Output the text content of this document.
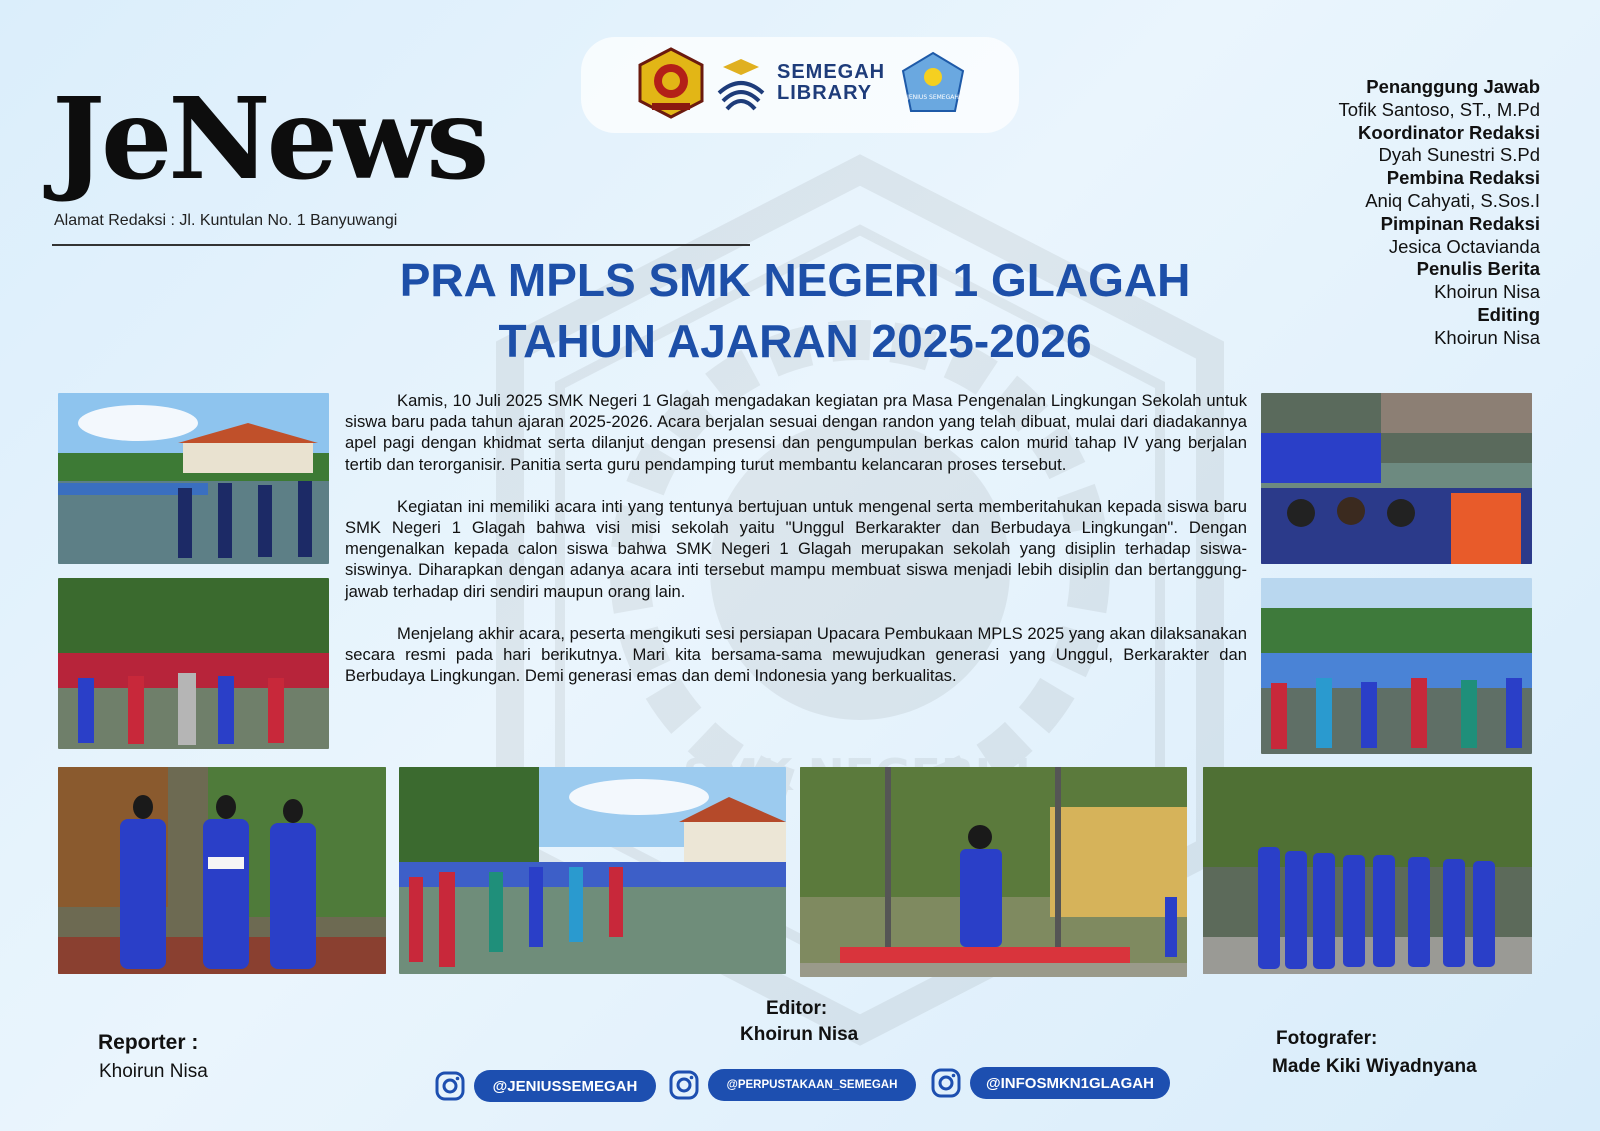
JeNews
Alamat Redaksi : Jl. Kuntulan No. 1 Banyuwangi
SEMEGAH
LIBRARY	JENIUS SEMEGAH
Penanggung Jawab
Tofik Santoso, ST., M.Pd
Koordinator Redaksi
Dyah Sunestri S.Pd
Pembina Redaksi
Aniq Cahyati, S.Sos.I
Pimpinan Redaksi
Jesica Octavianda
Penulis Berita
Khoirun Nisa
Editing
Khoirun Nisa
PRA MPLS SMK NEGERI 1 GLAGAH
TAHUN AJARAN 2025-2026

Kamis, 10 Juli 2025 SMK Negeri 1 Glagah mengadakan kegiatan pra Masa Pengenalan Lingkungan Sekolah untuk siswa baru pada tahun ajaran 2025-2026. Acara berjalan sesuai dengan randon yang telah dibuat, mulai dari diadakannya apel pagi dengan khidmat serta dilanjut dengan presensi dan pengumpulan berkas calon murid tahap IV yang berjalan tertib dan terorganisir. Panitia serta guru pendamping turut membantu kelancaran proses tersebut.

Kegiatan ini memiliki acara inti yang tentunya bertujuan untuk mengenal serta memberitahukan kepada siswa baru SMK Negeri 1 Glagah bahwa visi misi sekolah yaitu "Unggul Berkarakter dan Berbudaya Lingkungan". Dengan mengenalkan kepada calon siswa bahwa SMK Negeri 1 Glagah merupakan sekolah yang disiplin terhadap siswa-siswinya. Diharapkan dengan adanya acara inti tersebut mampu membuat siswa menjadi lebih disiplin dan bertanggung-jawab terhadap diri sendiri maupun orang lain.

Menjelang akhir acara, peserta mengikuti sesi persiapan Upacara Pembukaan MPLS 2025 yang akan dilaksanakan secara resmi pada hari berikutnya. Mari kita bersama-sama mewujudkan generasi yang Unggul, Berkarakter dan Berbudaya Lingkungan. Demi generasi emas dan demi Indonesia yang berkualitas.

Reporter :
Khoirun Nisa
Editor:
Khoirun Nisa	Fotografer:
Made Kiki Wiyadnyana
@JENIUSSEMEGAH	@PERPUSTAKAAN_SEMEGAH	@INFOSMKN1GLAGAH
